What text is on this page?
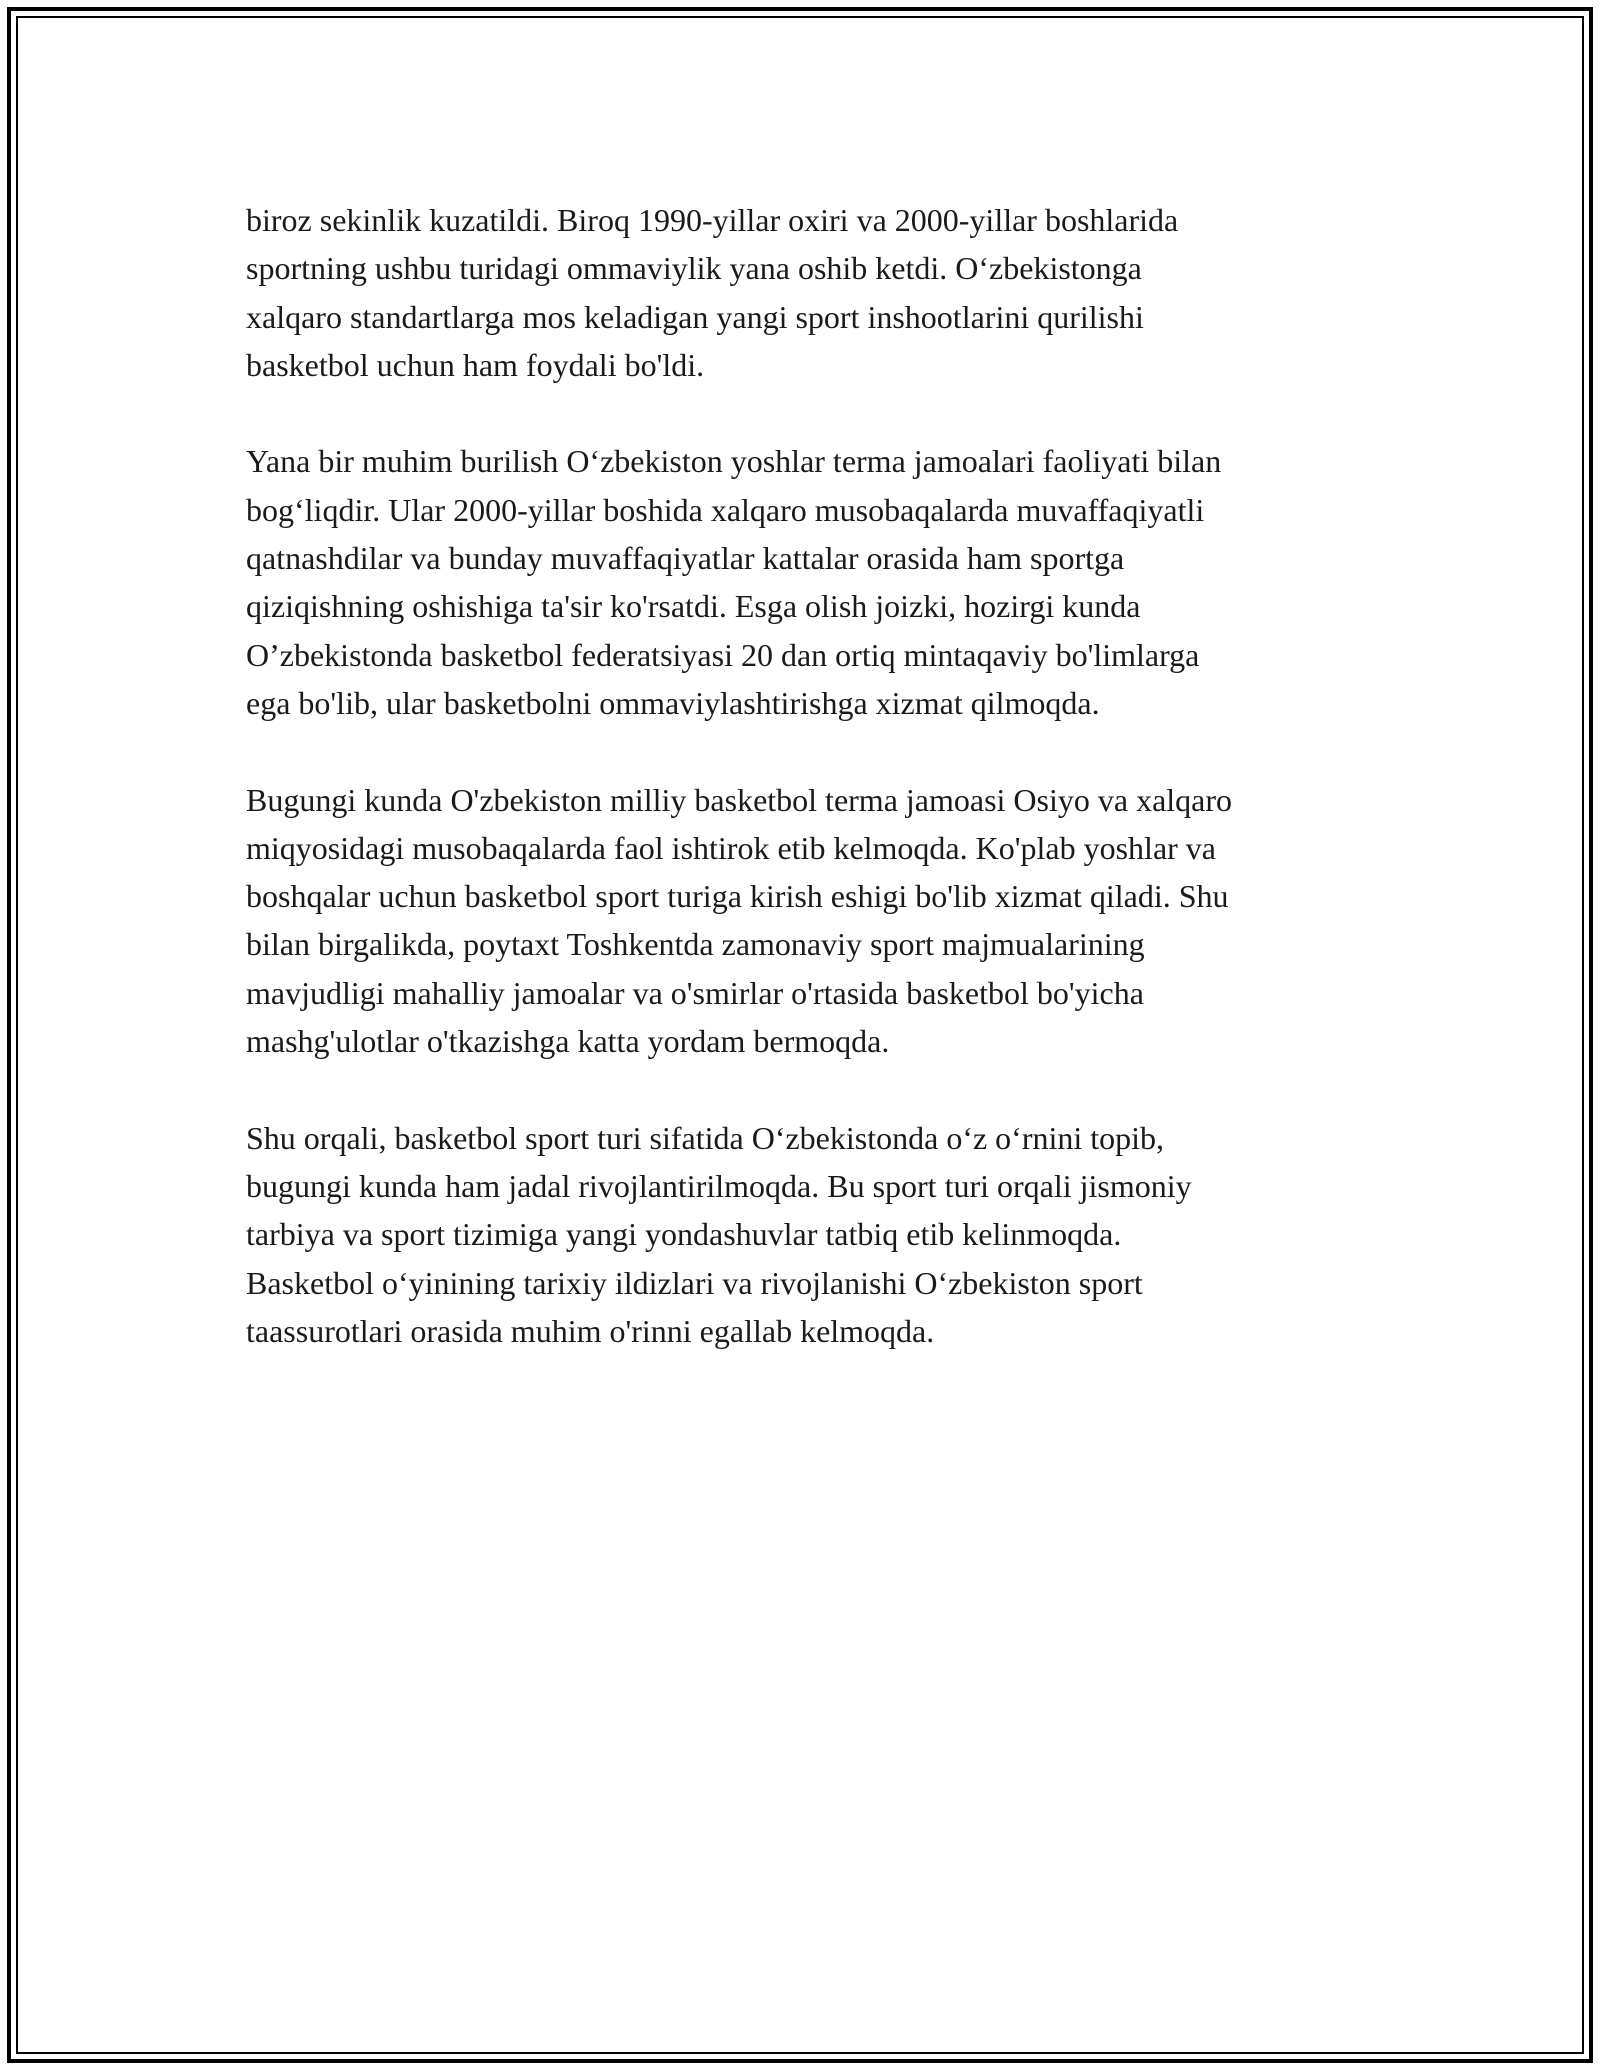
biroz sekinlik kuzatildi. Biroq 1990-yillar oxiri va 2000-yillar boshlarida
sportning ushbu turidagi ommaviylik yana oshib ketdi. O‘zbekistonga
xalqaro standartlarga mos keladigan yangi sport inshootlarini qurilishi
basketbol uchun ham foydali bo'ldi.

Yana bir muhim burilish O‘zbekiston yoshlar terma jamoalari faoliyati bilan
bog‘liqdir. Ular 2000-yillar boshida xalqaro musobaqalarda muvaffaqiyatli
qatnashdilar va bunday muvaffaqiyatlar kattalar orasida ham sportga
qiziqishning oshishiga ta'sir ko'rsatdi. Esga olish joizki, hozirgi kunda
O’zbekistonda basketbol federatsiyasi 20 dan ortiq mintaqaviy bo'limlarga
ega bo'lib, ular basketbolni ommaviylashtirishga xizmat qilmoqda.

Bugungi kunda O'zbekiston milliy basketbol terma jamoasi Osiyo va xalqaro
miqyosidagi musobaqalarda faol ishtirok etib kelmoqda. Ko'plab yoshlar va
boshqalar uchun basketbol sport turiga kirish eshigi bo'lib xizmat qiladi. Shu
bilan birgalikda, poytaxt Toshkentda zamonaviy sport majmualarining
mavjudligi mahalliy jamoalar va o'smirlar o'rtasida basketbol bo'yicha
mashg'ulotlar o'tkazishga katta yordam bermoqda.

Shu orqali, basketbol sport turi sifatida O‘zbekistonda o‘z o‘rnini topib,
bugungi kunda ham jadal rivojlantirilmoqda. Bu sport turi orqali jismoniy
tarbiya va sport tizimiga yangi yondashuvlar tatbiq etib kelinmoqda.
Basketbol o‘yinining tarixiy ildizlari va rivojlanishi O‘zbekiston sport
taassurotlari orasida muhim o'rinni egallab kelmoqda.
